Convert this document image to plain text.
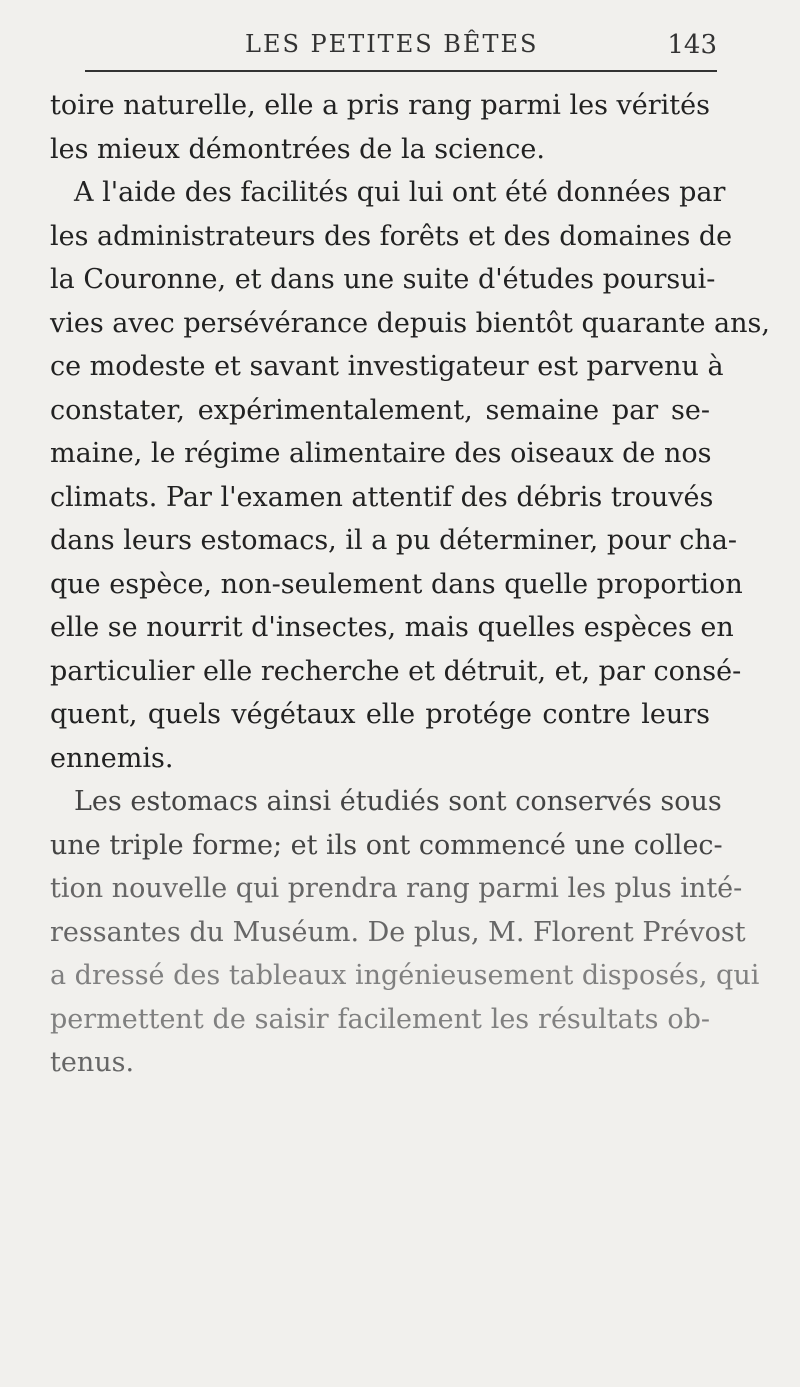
LES PETITES BÊTES	143
toire naturelle, elle a pris rang parmi les vérités
les mieux démontrées de la science.
A l'aide des facilités qui lui ont été données par
les administrateurs des forêts et des domaines de
la Couronne, et dans une suite d'études poursui-
vies avec persévérance depuis bientôt quarante ans,
ce modeste et savant investigateur est parvenu à
constater, expérimentalement, semaine par se-
maine, le régime alimentaire des oiseaux de nos
climats. Par l'examen attentif des débris trouvés
dans leurs estomacs, il a pu déterminer, pour cha-
que espèce, non-seulement dans quelle proportion
elle se nourrit d'insectes, mais quelles espèces en
particulier elle recherche et détruit, et, par consé-
quent, quels végétaux elle protége contre leurs
ennemis.
Les estomacs ainsi étudiés sont conservés sous
une triple forme; et ils ont commencé une collec-
tion nouvelle qui prendra rang parmi les plus inté-
ressantes du Muséum. De plus, M. Florent Prévost
a dressé des tableaux ingénieusement disposés, qui
permettent de saisir facilement les résultats ob-
tenus.
